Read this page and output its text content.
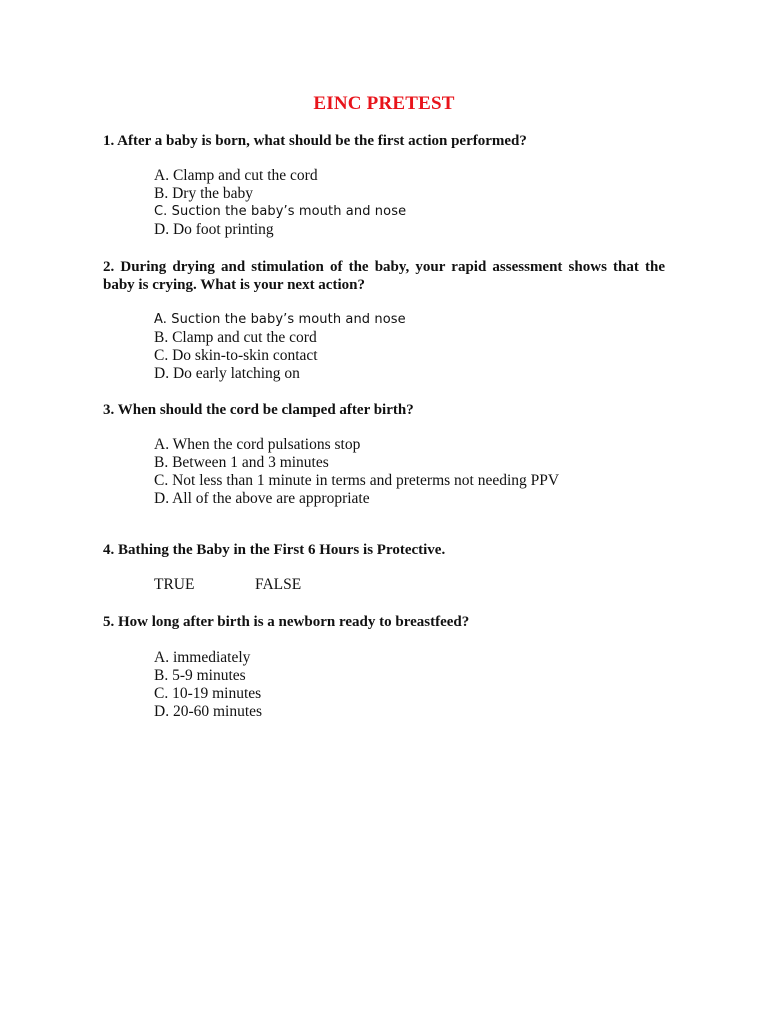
EINC PRETEST
1. After a baby is born, what should be the first action performed?
A. Clamp and cut the cord
B. Dry the baby
C. Suction the baby’s mouth and nose
D. Do foot printing
2. During drying and stimulation of the baby, your rapid assessment shows that the baby is crying. What is your next action?
A. Suction the baby’s mouth and nose
B. Clamp and cut the cord
C. Do skin-to-skin contact
D. Do early latching on
3. When should the cord be clamped after birth?
A. When the cord pulsations stop
B. Between 1 and 3 minutes
C. Not less than 1 minute in terms and preterms not needing PPV
D. All of the above are appropriate
4. Bathing the Baby in the First 6 Hours is Protective.
TRUE	FALSE
5. How long after birth is a newborn ready to breastfeed?
A. immediately
B. 5-9 minutes
C. 10-19 minutes
D. 20-60 minutes
